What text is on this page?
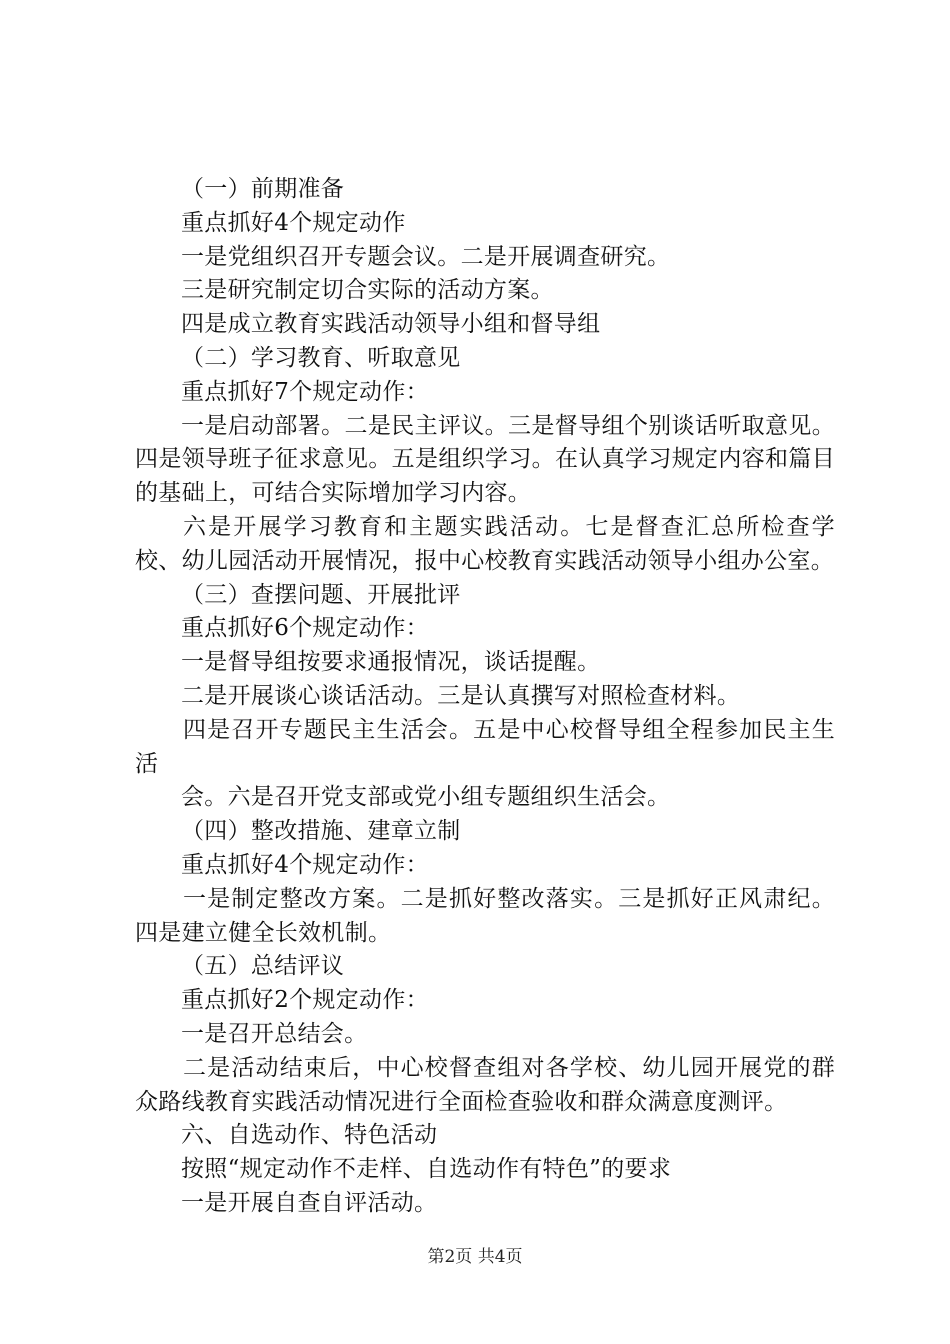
（一）前期准备

重点抓好4个规定动作

一是党组织召开专题会议。二是开展调查研究。

三是研究制定切合实际的活动方案。

四是成立教育实践活动领导小组和督导组

（二）学习教育、听取意见

重点抓好7个规定动作：

一是启动部署。二是民主评议。三是督导组个别谈话听取意见。四是领导班子征求意见。五是组织学习。在认真学习规定内容和篇目的基础上，可结合实际增加学习内容。

六是开展学习教育和主题实践活动。七是督查汇总所检查学校、幼儿园活动开展情况，报中心校教育实践活动领导小组办公室。

（三）查摆问题、开展批评

重点抓好6个规定动作：

一是督导组按要求通报情况，谈话提醒。

二是开展谈心谈话活动。三是认真撰写对照检查材料。

四是召开专题民主生活会。五是中心校督导组全程参加民主生活

会。六是召开党支部或党小组专题组织生活会。

（四）整改措施、建章立制

重点抓好4个规定动作：

一是制定整改方案。二是抓好整改落实。三是抓好正风肃纪。四是建立健全长效机制。

（五）总结评议

重点抓好2个规定动作：

一是召开总结会。

二是活动结束后，中心校督查组对各学校、幼儿园开展党的群众路线教育实践活动情况进行全面检查验收和群众满意度测评。

六、自选动作、特色活动

按照“规定动作不走样、自选动作有特色”的要求

一是开展自查自评活动。

第2页 共4页
